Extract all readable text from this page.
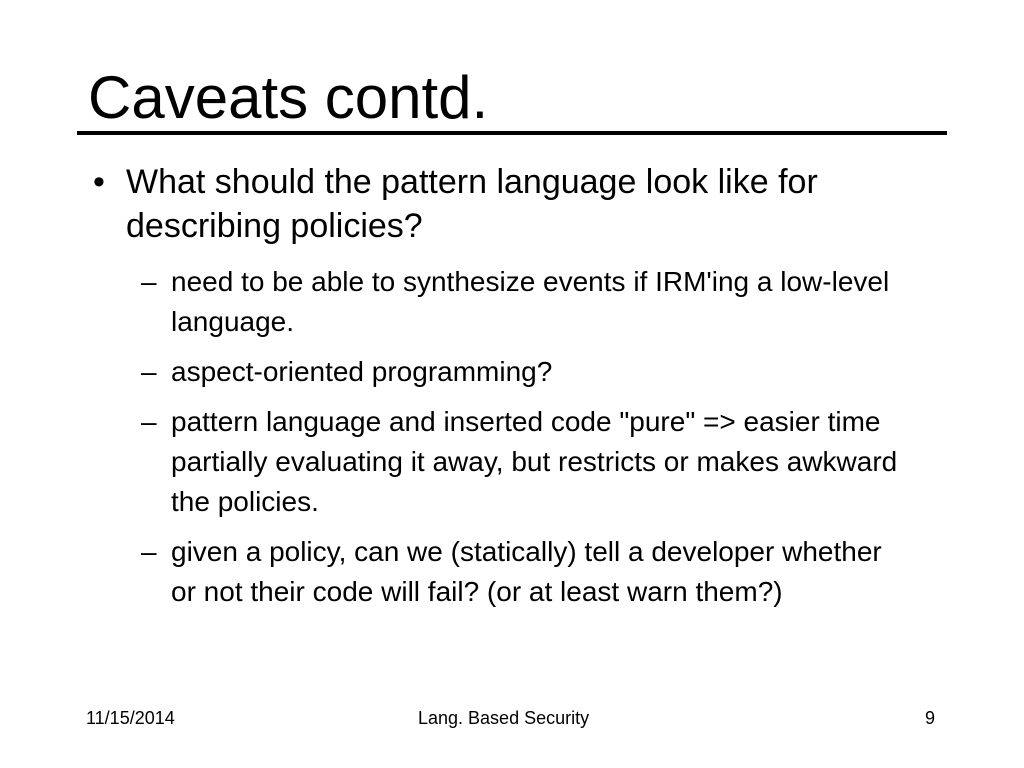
Caveats contd.
• What should the pattern language look like for describing policies?
– need to be able to synthesize events if IRM'ing a low-level language.
– aspect-oriented programming?
– pattern language and inserted code "pure" => easier time partially evaluating it away, but restricts or makes awkward the policies.
– given a policy, can we (statically) tell a developer whether or not their code will fail? (or at least warn them?)
11/15/2014	Lang. Based Security	9
